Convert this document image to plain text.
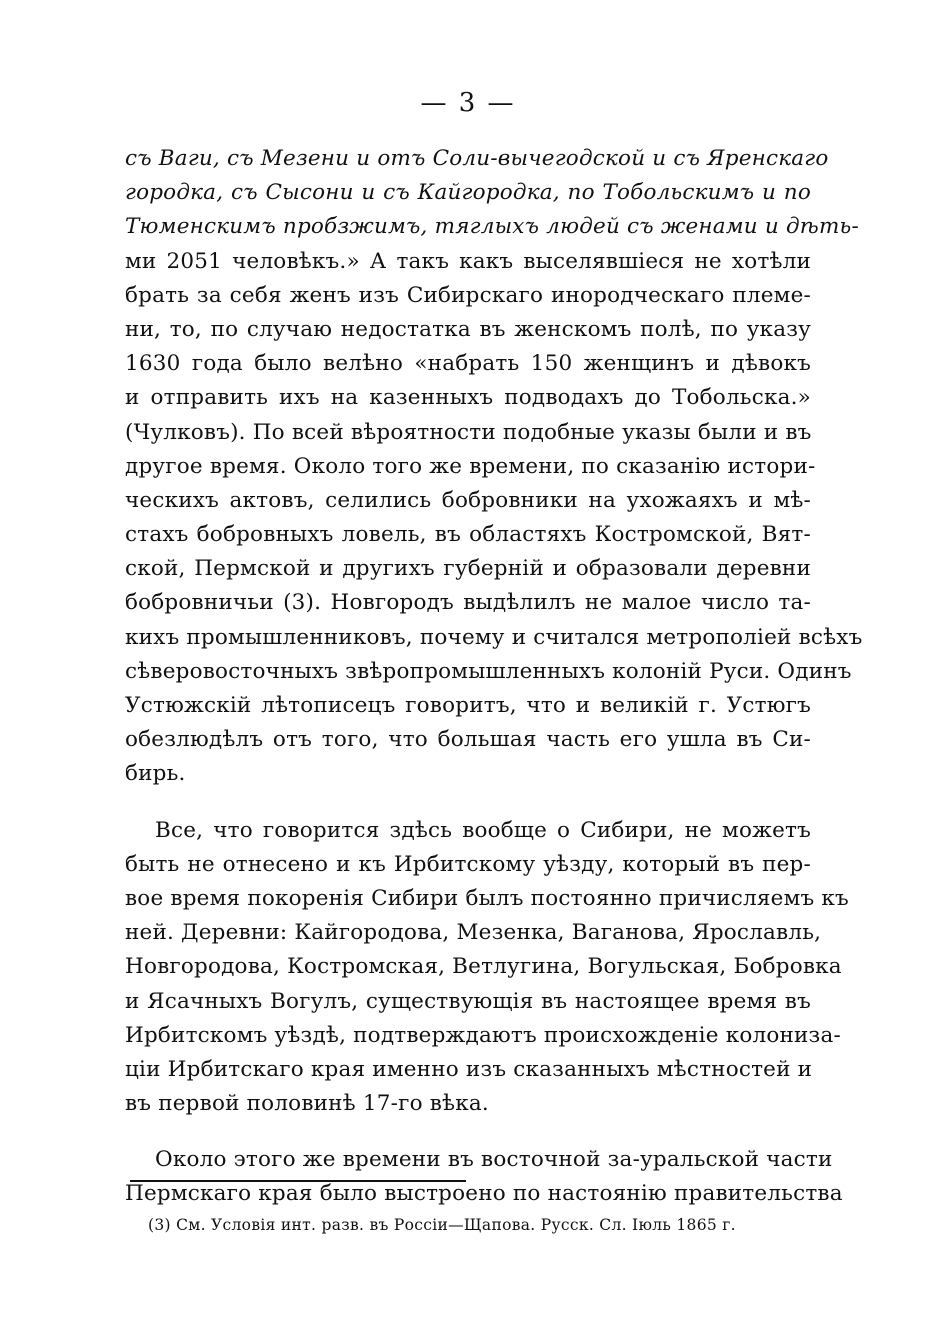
— 3 —
съ Ваги, съ Мезени и отъ Соли-вычегодской и съ Яренскаго
городка, съ Сысони и съ Кайгородка, по Тобольскимъ и по
Тюменскимъ пробзжимъ, тяглыхъ людей съ женами и дѣть-
ми 2051 человѣкъ.» А такъ какъ выселявшiеся не хотѣли
брать за себя женъ изъ Сибирскаго инородческаго племе-
ни, то, по случаю недостатка въ женскомъ полѣ, по указу
1630 года было велѣно «набрать 150 женщинъ и дѣвокъ
и отправить ихъ на казенныхъ подводахъ до Тобольска.»
(Чулковъ). По всей вѣроятности подобные указы были и въ
другое время. Около того же времени, по сказанiю истори-
ческихъ актовъ, селились бобровники на ухожаяхъ и мѣ-
стахъ бобровныхъ ловель, въ областяхъ Костромской, Вят-
ской, Пермской и другихъ губернiй и образовали деревни
бобровничьи (3). Новгородъ выдѣлилъ не малое число та-
кихъ промышленниковъ, почему и считался метрополiей всѣхъ
сѣверовосточныхъ звѣропромышленныхъ колонiй Руси. Одинъ
Устюжскiй лѣтописецъ говоритъ, что и великiй г. Устюгъ
обезлюдѣлъ отъ того, что большая часть его ушла въ Си-
бирь.
Все, что говорится здѣсь вообще о Сибири, не можетъ
быть не отнесено и къ Ирбитскому уѣзду, который въ пер-
вое время покоренiя Сибири былъ постоянно причисляемъ къ
ней. Деревни: Кайгородова, Мезенка, Ваганова, Ярославль,
Новгородова, Костромская, Ветлугина, Вогульская, Бобровка
и Ясачныхъ Вогулъ, существующiя въ настоящее время въ
Ирбитскомъ уѣздѣ, подтверждаютъ происхожденiе колониза-
цiи Ирбитскаго края именно изъ сказанныхъ мѣстностей и
въ первой половинѣ 17-го вѣка.
Около этого же времени въ восточной за-уральской части
Пермскаго края было выстроено по настоянiю правительства
(3) См. Условiя инт. разв. въ Россiи—Щапова. Русск. Сл. Iюль 1865 г.
